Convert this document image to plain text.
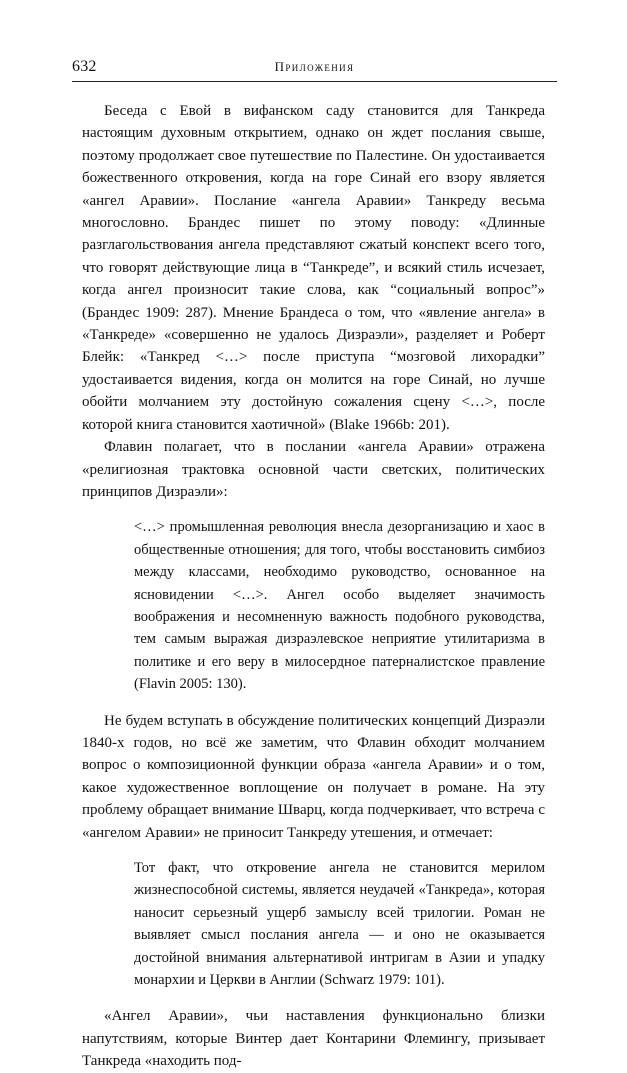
632	Приложения

Беседа с Евой в вифанском саду становится для Танкреда настоящим духовным открытием, однако он ждет послания свыше, поэтому продолжает свое путешествие по Палестине. Он удостаивается божественного откровения, когда на горе Синай его взору является «ангел Аравии». Послание «ангела Аравии» Танкреду весьма многословно. Брандес пишет по этому поводу: «Длинные разглагольствования ангела представляют сжатый конспект всего того, что говорят действующие лица в “Танкреде”, и всякий стиль исчезает, когда ангел произносит такие слова, как “социальный вопрос”» (Брандес 1909: 287). Мнение Брандеса о том, что «явление ангела» в «Танкреде» «совершенно не удалось Дизраэли», разделяет и Роберт Блейк: «Танкред <…> после приступа “мозговой лихорадки” удостаивается видения, когда он молится на горе Синай, но лучше обойти молчанием эту достойную сожаления сцену <…>, после которой книга становится хаотичной» (Blake 1966b: 201).

Флавин полагает, что в послании «ангела Аравии» отражена «религиозная трактовка основной части светских, политических принципов Дизраэли»:

<…> промышленная революция внесла дезорганизацию и хаос в общественные отношения; для того, чтобы восстановить симбиоз между классами, необходимо руководство, основанное на ясновидении <…>. Ангел особо выделяет значимость воображения и несомненную важность подобного руководства, тем самым выражая дизраэлевское неприятие утилитаризма в политике и его веру в милосердное патерналистское правление (Flavin 2005: 130).

Не будем вступать в обсуждение политических концепций Дизраэли 1840-х годов, но всё же заметим, что Флавин обходит молчанием вопрос о композиционной функции образа «ангела Аравии» и о том, какое художественное воплощение он получает в романе. На эту проблему обращает внимание Шварц, когда подчеркивает, что встреча с «ангелом Аравии» не приносит Танкреду утешения, и отмечает:

Тот факт, что откровение ангела не становится мерилом жизнеспособной системы, является неудачей «Танкреда», которая наносит серьезный ущерб замыслу всей трилогии. Роман не выявляет смысл послания ангела — и оно не оказывается достойной внимания альтернативой интригам в Азии и упадку монархии и Церкви в Англии (Schwarz 1979: 101).

«Ангел Аравии», чьи наставления функционально близки напутствиям, которые Винтер дает Контарини Флемингу, призывает Танкреда «находить под-
